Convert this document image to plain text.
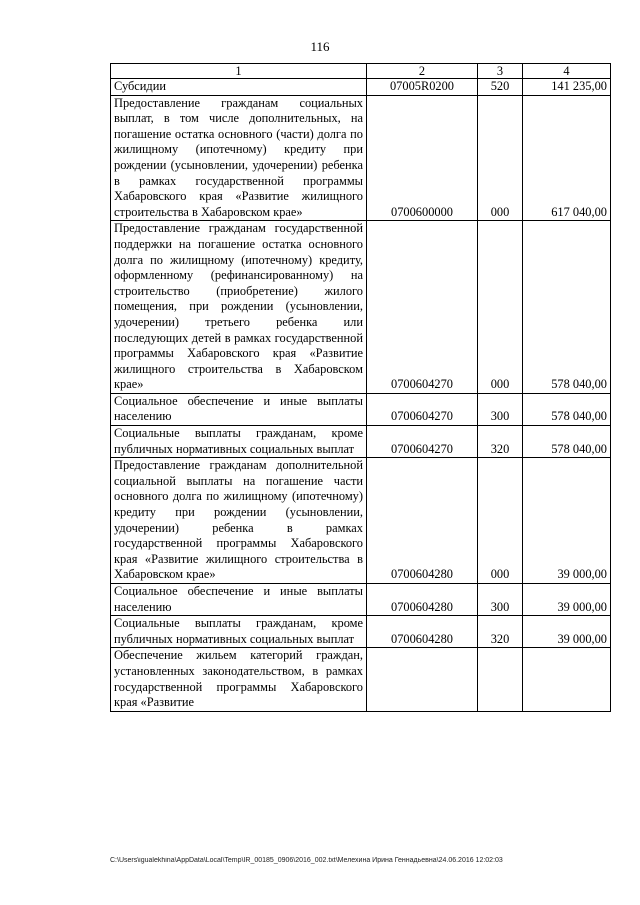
116
1	2	3	4
Субсидии	07005R0200	520	141 235,00
Предоставление гражданам социальных выплат, в том числе дополнительных, на погашение остатка основного (части) долга по жилищному (ипотечному) кредиту при рождении (усыновлении, удочерении) ребенка в рамках государственной программы Хабаровского края «Развитие жилищного строительства в Хабаровском крае»	0700600000	000	617 040,00
Предоставление гражданам государственной поддержки на погашение остатка основного долга по жилищному (ипотечному) кредиту, оформленному (рефинансированному) на строительство (приобретение) жилого помещения, при рождении (усыновлении, удочерении) третьего ребенка или последующих детей в рамках государственной программы Хабаровского края «Развитие жилищного строительства в Хабаровском крае»	0700604270	000	578 040,00
Социальное обеспечение и иные выплаты населению	0700604270	300	578 040,00
Социальные выплаты гражданам, кроме публичных нормативных социальных выплат	0700604270	320	578 040,00
Предоставление гражданам дополнительной социальной выплаты на погашение части основного долга по жилищному (ипотечному) кредиту при рождении (усыновлении, удочерении) ребенка в рамках государственной программы Хабаровского края «Развитие жилищного строительства в Хабаровском крае»	0700604280	000	39 000,00
Социальное обеспечение и иные выплаты населению	0700604280	300	39 000,00
Социальные выплаты гражданам, кроме публичных нормативных социальных выплат	0700604280	320	39 000,00
Обеспечение жильем категорий граждан, установленных законодательством, в рамках государственной программы Хабаровского края «Развитие			
C:\Users\igualekhina\AppData\Local\Temp\IR_00185_0906\2016_002.txt\Мелехина Ирина Геннадьевна\24.06.2016 12:02:03
